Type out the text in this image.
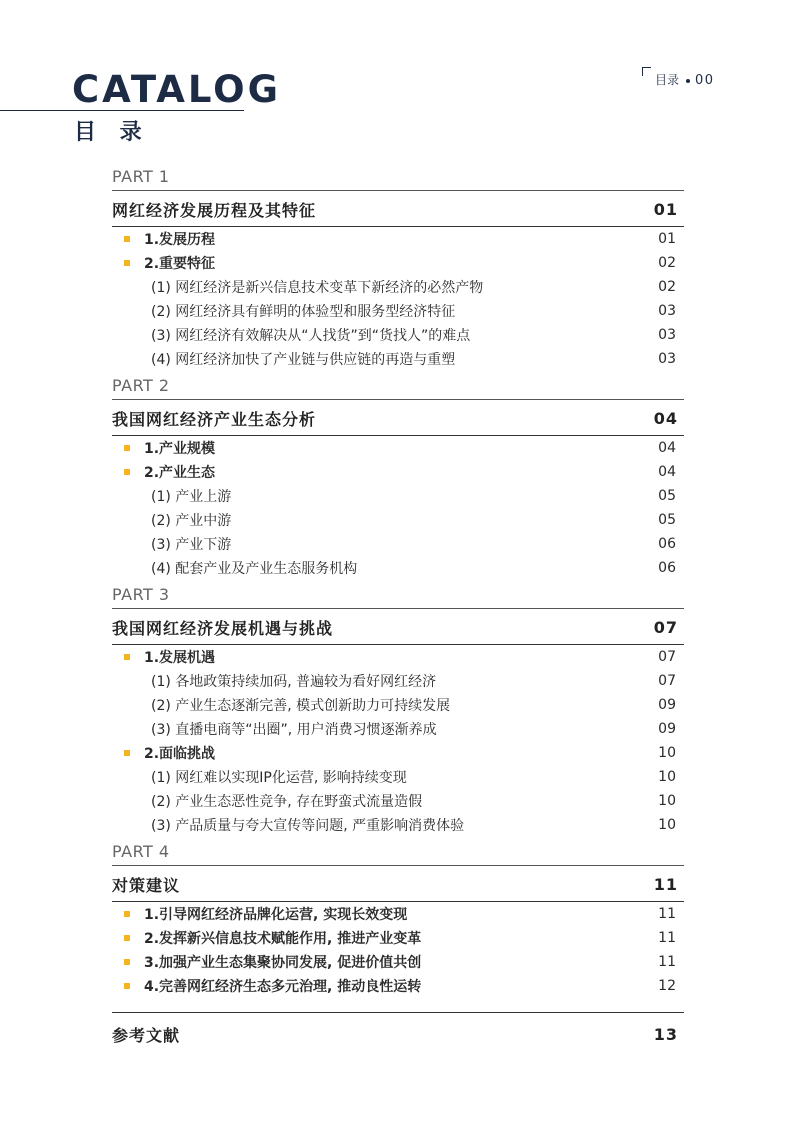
CATALOG
目 录
目录 00
PART 1
网红经济发展历程及其特征	01
1.发展历程	01
2.重要特征	02
(1) 网红经济是新兴信息技术变革下新经济的必然产物	02
(2) 网红经济具有鲜明的体验型和服务型经济特征	03
(3) 网红经济有效解决从“人找货”到“货找人”的难点	03
(4) 网红经济加快了产业链与供应链的再造与重塑	03
PART 2
我国网红经济产业生态分析	04
1.产业规模	04
2.产业生态	04
(1) 产业上游	05
(2) 产业中游	05
(3) 产业下游	06
(4) 配套产业及产业生态服务机构	06
PART 3
我国网红经济发展机遇与挑战	07
1.发展机遇	07
(1) 各地政策持续加码, 普遍较为看好网红经济	07
(2) 产业生态逐渐完善, 模式创新助力可持续发展	09
(3) 直播电商等“出圈”, 用户消费习惯逐渐养成	09
2.面临挑战	10
(1) 网红难以实现IP化运营, 影响持续变现	10
(2) 产业生态恶性竞争, 存在野蛮式流量造假	10
(3) 产品质量与夸大宣传等问题, 严重影响消费体验	10
PART 4
对策建议	11
1.引导网红经济品牌化运营, 实现长效变现	11
2.发挥新兴信息技术赋能作用, 推进产业变革	11
3.加强产业生态集聚协同发展, 促进价值共创	11
4.完善网红经济生态多元治理, 推动良性运转	12
参考文献	13
